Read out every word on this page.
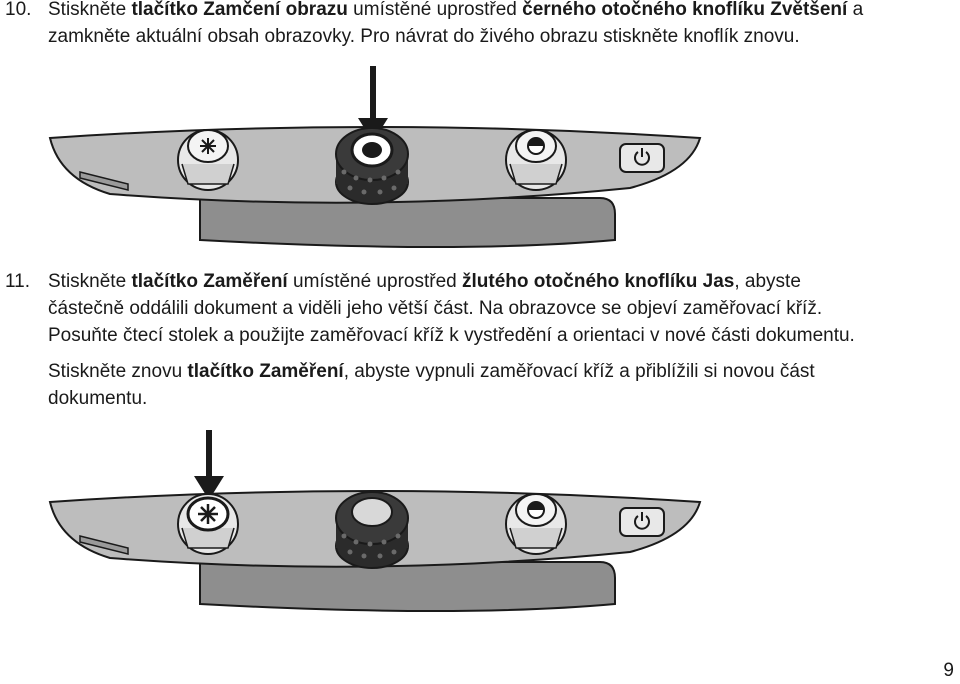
10. Stiskněte tlačítko Zamčení obrazu umístěné uprostřed černého otočného knoflíku Zvětšení a
zamkněte aktuální obsah obrazovky. Pro návrat do živého obrazu stiskněte knoflík znovu.

11. Stiskněte tlačítko Zaměření umístěné uprostřed žlutého otočného knoflíku Jas, abyste
částečně oddálili dokument a viděli jeho větší část. Na obrazovce se objeví zaměřovací kříž.
Posuňte čtecí stolek a použijte zaměřovací kříž k vystředění a orientaci v nové části dokumentu.

Stiskněte znovu tlačítko Zaměření, abyste vypnuli zaměřovací kříž a přiblížili si novou část
dokumentu.

9
